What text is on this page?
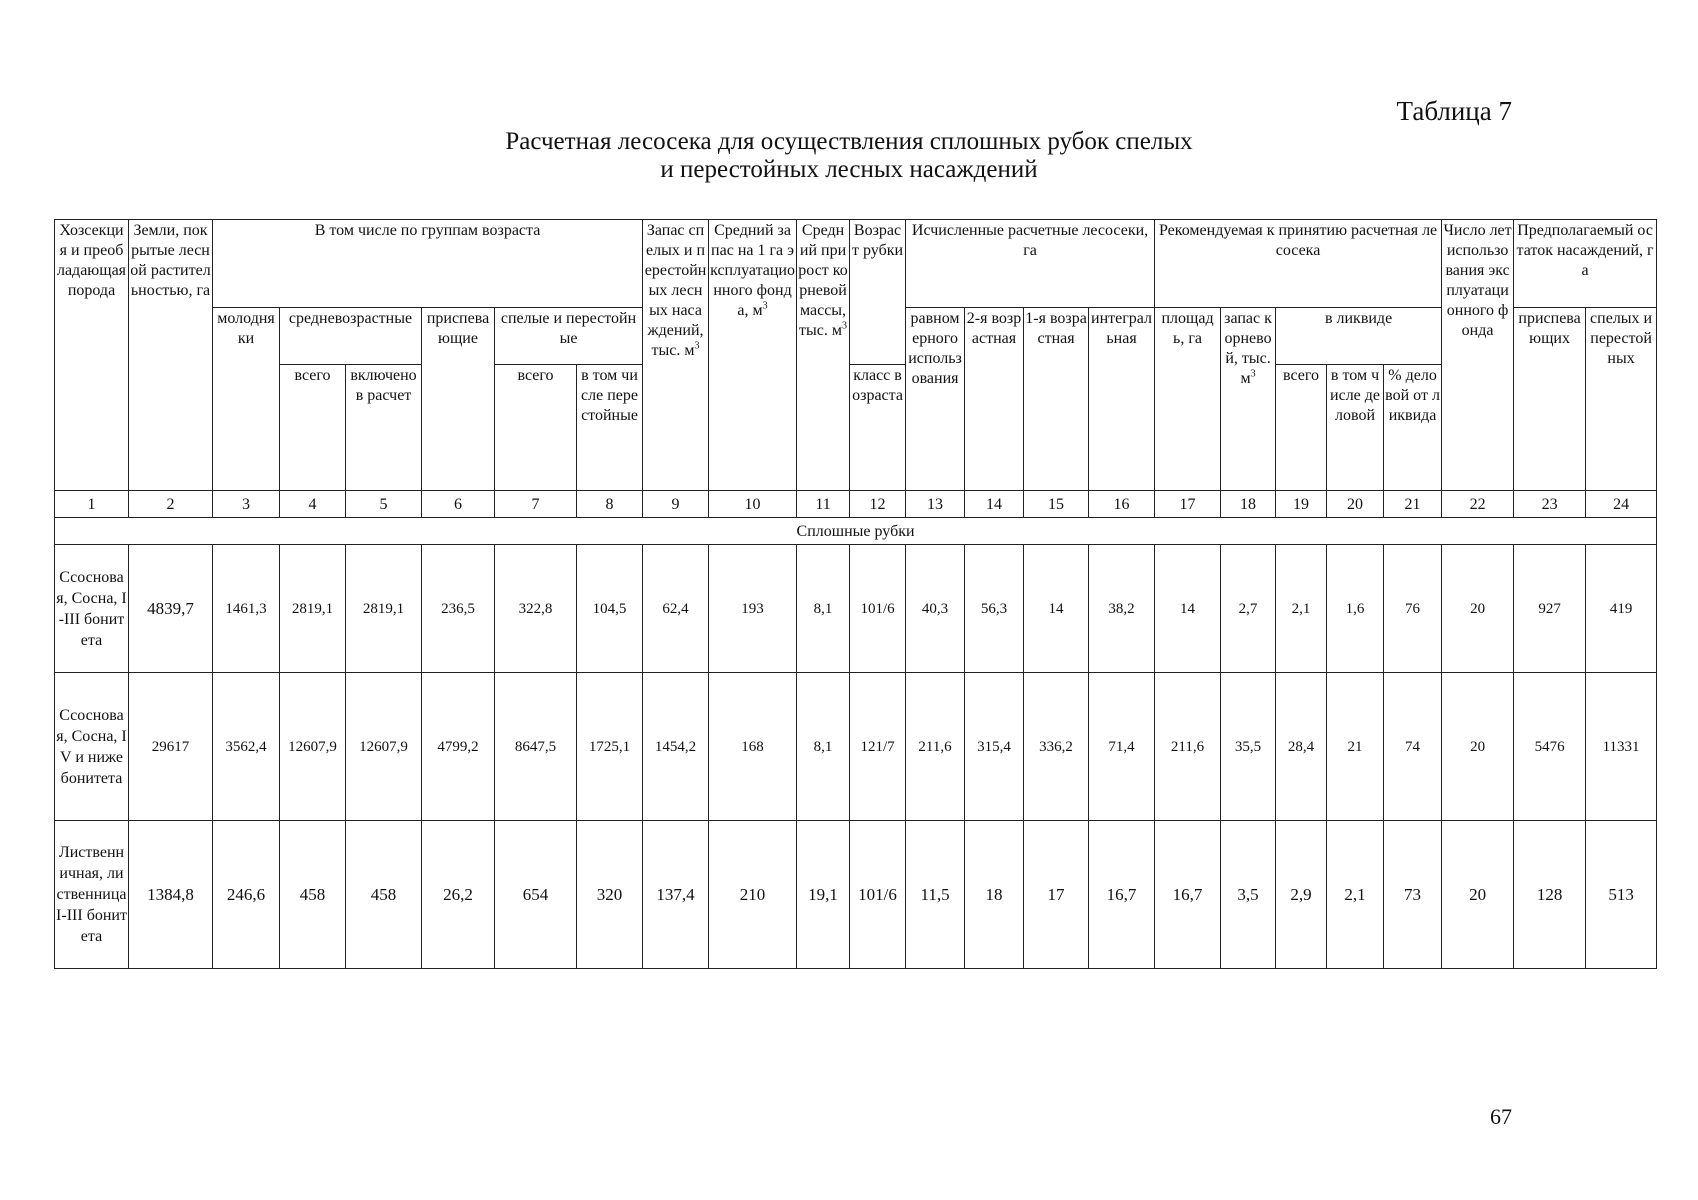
Таблица 7
Расчетная лесосека для осуществления сплошных рубок спелых
и перестойных лесных насаждений
Хозсекция и преобладающая порода	Земли, покрытые лесной растительностью, га	В том числе по группам возраста						Запас спелых и перестойных лесных насаждений, тыс. $м^3$	Средний запас на 1 га эксплуатационного фонда, $м^3$	Средний прирост корневой массы, тыс. $м^3$	Возраст рубки	Исчисленные расчетные лесосеки, га				Рекомендуемая к принятию расчетная лесосека					Число лет использования эксплуатационного фонда	Предполагаемый остаток насаждений, га	
		молодняки	средневозрастные		приспевающие	спелые и перестойные						равномерного использования	2-я возрастная	1-я возрастная	интегральная	площадь, га	запас корневой, тыс. $м^3$	в ликвиде				приспевающих	спелых и перестойных
			всего	включено в расчет		всего	в том числе перестойные				класс возраста							всего	в том числе деловой	% деловой от ликвида			
1	2	3	4	5	6	7	8	9	10	11	12	13	14	15	16	17	18	19	20	21	22	23	24
Сплошные рубки																							
Ссосновая, Сосна, I-III бонитета	4839,7	1461,3	2819,1	2819,1	236,5	322,8	104,5	62,4	193	8,1	101/6	40,3	56,3	14	38,2	14	2,7	2,1	1,6	76	20	927	419
Ссосновая, Сосна, IV и ниже бонитета	29617	3562,4	12607,9	12607,9	4799,2	8647,5	1725,1	1454,2	168	8,1	121/7	211,6	315,4	336,2	71,4	211,6	35,5	28,4	21	74	20	5476	11331
Лиственничная, лиственница I-III бонитета	1384,8	246,6	458	458	26,2	654	320	137,4	210	19,1	101/6	11,5	18	17	16,7	16,7	3,5	2,9	2,1	73	20	128	513
67
